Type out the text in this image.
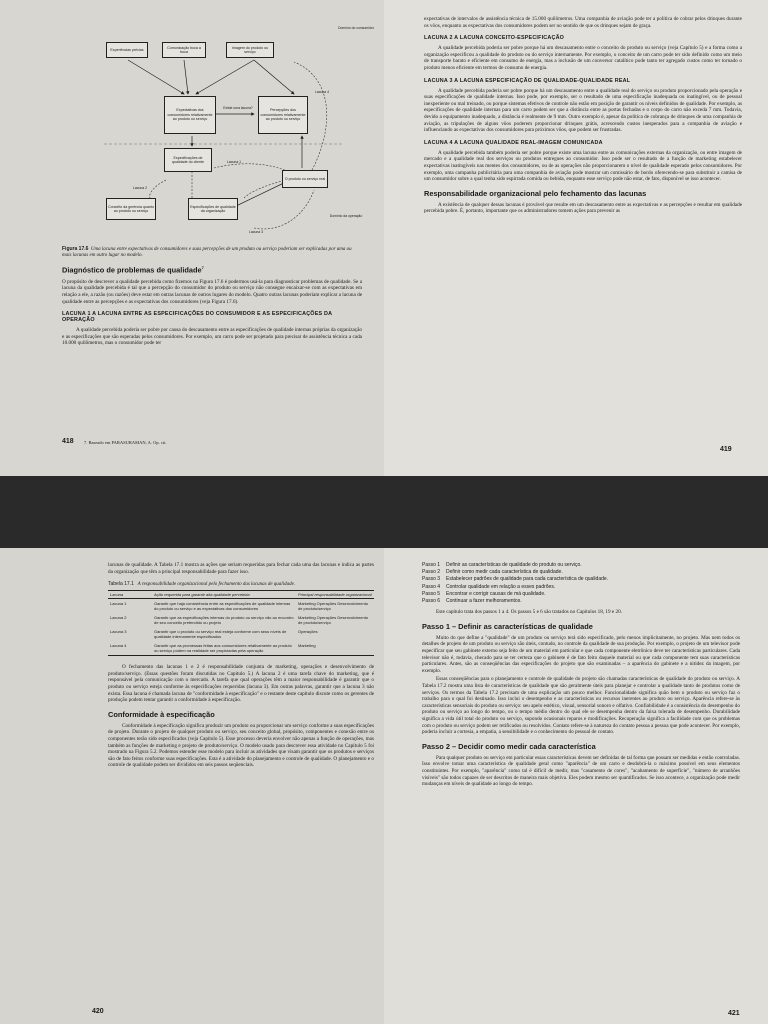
Domínio do consumidor
Domínio da operação
Experiências prévias
Comunicação boca a boca
Imagem do produto ou serviço
Lacuna 4
Expectativas dos consumidores relativamente ao produto ou serviço
Percepções dos consumidores relativamente ao produto ou serviço
Existe uma lacuna?
Especificações de qualidade do cliente	Lacuna 1
O produto ou serviço real
Lacuna 2
Conceito da gerência quanto ao produto ou serviço
Especificações de qualidade da organização
Lacuna 3
Figura 17.6 Uma lacuna entre expectativas de consumidores e suas percepções de um produto ou serviço poderiam ser explicadas por uma ou mais lacunas em outro lugar no modelo.
Diagnóstico de problemas de qualidade$^7$

O propósito de descrever a qualidade percebida como fizemos na Figura 17.6 é podermos usá-la para diagnosticar problemas de qualidade. Se a lacuna da qualidade percebida é tal que a percepção do consumidor do produto ou serviço não consegue encaixar-se com as expectativas em relação a ele, a razão (ou razões) deve estar em outras lacunas de outros lugares do modelo. Quatro outras lacunas poderiam explicar a lacuna de qualidade entre as percepções e as expectativas dos consumidores (veja Figura 17.6).

LACUNA 1 A LACUNA ENTRE AS ESPECIFICAÇÕES DO CONSUMIDOR E AS ESPECIFICAÇÕES DA OPERAÇÃO

A qualidade percebida poderia ser pobre por causa do descasamento entre as especificações de qualidade internas próprias da organização e as especificações que são esperadas pelos consumidores. Por exemplo, um carro pode ser projetado para precisar de assistência técnica a cada 10.000 quilômetros, mas o consumidor pode ter

418 7. Baseado em PARASURAMAN, A. Op. cit.

expectativas de intervalos de assistência técnica de 15.000 quilômetros. Uma companhia de aviação pode ter a política de cobrar pelos drinques durante os vôos, enquanto as expectativas dos consumidores podem ser no sentido de que os drinques sejam de graça.

LACUNA 2 A LACUNA CONCEITO-ESPECIFICAÇÃO

A qualidade percebida poderia ser pobre porque há um descasamento entre o conceito do produto ou serviço (veja Capítulo 5) e a forma como a organização especificou a qualidade do produto ou do serviço internamente. Por exemplo, o conceito de um carro pode ter sido definido como um meio de transporte barato e eficiente em consumo de energia, mas a inclusão de um conversor catalítico pode tanto ter agregado custos como ter tornado o produto menos eficiente em termos de consumo de energia.

LACUNA 3 A LACUNA ESPECIFICAÇÃO DE QUALIDADE-QUALIDADE REAL

A qualidade percebida poderia ser pobre porque há um descasamento entre a qualidade real do serviço ou produto proporcionado pela operação e suas especificações de qualidade internas. Isso pode, por exemplo, ser o resultado de uma especificação inadequada ou inatingível, ou de pessoal inexperiente ou mal treinado, ou porque sistemas efetivos de controle não estão em posição de garantir os níveis definidos de qualidade. Por exemplo, as especificações de qualidade internas para um carro podem ser que a distância entre as portas fechadas e o corpo do carro não exceda 7 mm. Todavia, devido a equipamento inadequado, a distância é realmente de 9 mm. Outro exemplo é, apesar da política de cobrança de drinques de uma companhia de aviação, as tripulações de alguns vôos poderem proporcionar drinques grátis, acrescendo custos inesperados para a companhia de aviação e influenciando as expectativas dos consumidores para próximos vôos, que podem ser frustradas.

LACUNA 4 A LACUNA QUALIDADE REAL-IMAGEM COMUNICADA

A qualidade percebida também poderia ser pobre porque existe uma lacuna entre as comunicações externas da organização, ou entre imagem de mercado e a qualidade real dos serviços ou produtos entregues ao consumidor. Isso pode ser o resultado de a função de marketing estabelecer expectativas inatingíveis nas mentes dos consumidores, ou de as operações não proporcionarem o nível de qualidade esperado pelos consumidores. Por exemplo, uma campanha publicitária para uma companhia de aviação pode mostrar um comissário de bordo oferecendo-se para substituir a camisa de um consumidor sobre a qual tenha sido espirrada comida ou bebida, enquanto esse serviço pode não estar, de fato, disponível se isso acontecer.

Responsabilidade organizacional pelo fechamento das lacunas

A existência de qualquer dessas lacunas é provável que resulte em um descasamento entre as expectativas e as percepções e resultar em qualidade percebida pobre. É, portanto, importante que os administradores tomem ações para prevenir as

419

lacunas de qualidade. A Tabela 17.1 mostra as ações que seriam requeridas para fechar cada uma das lacunas e indica as partes da organização que têm a principal responsabilidade para fazer isso.

Tabela 17.1 A responsabilidade organizacional pelo fechamento das lacunas de qualidade.
Lacuna	Ação requerida para garantir alta qualidade percebida	Principal responsabilidade organizacional
Lacuna 1	Garantir que haja consistência entre as especificações de qualidade internas do produto ou serviço e as expectativas dos consumidores	Marketing Operações Desenvolvimento de produto/serviço
Lacuna 2	Garantir que as especificações internas do produto ou serviço vão ao encontro de seu conceito pretendido ou projeto	Marketing Operações Desenvolvimento de produto/serviço
Lacuna 3	Garantir que o produto ou serviço real esteja conforme com seus níveis de qualidade internamente especificados	Operações
Lacuna 4	Garantir que as promessas feitas aos consumidores relativamente ao produto ou serviço podem na realidade ser propiciadas pela operação	Marketing

O fechamento das lacunas 1 e 2 é responsabilidade conjunta de marketing, operações e desenvolvimento de produto/serviço. (Essas questões foram discutidas no Capítulo 5.) A lacuna 2 é uma tarefa chave do marketing, que é responsável pela comunicação com o mercado. A tarefa que qual operações têm a maior responsabilidade é garantir que o produto ou serviço esteja conforme às especificações requeridas (lacuna 3). Em outras palavras, garantir que a lacuna 3 não exista. Essa lacuna é chamada lacuna de "conformidade à especificação" e o restante deste capítulo discute como os gerentes de produção podem tentar garantir a conformidade à especificação.

Conformidade à especificação

Conformidade à especificação significa produzir um produto ou proporcionar um serviço conforme a suas especificações de projeto. Durante o projeto de qualquer produto ou serviço, seu conceito global, propósito, componentes e conexão entre os componentes terão sido especificados (veja Capítulo 5). Esse processo deveria envolver não apenas a função de operações, mas também as funções de marketing e projeto de produto/serviço. O modelo usado para descrever essa atividade no Capítulo 5 foi mostrado na Figura 5.2. Podemos estender esse modelo para incluir as atividades que visam garantir que os produtos e serviços são de fato feitos conforme suas especificações. Esta é a atividade do planejamento e controle de qualidade. O planejamento e o controle de qualidade podem ser divididos em seis passos seqüenciais.

420
Passo 1 Definir as características de qualidade do produto ou serviço.
Passo 2 Definir como medir cada característica de qualidade.
Passo 3 Estabelecer padrões de qualidade para cada característica de qualidade.
Passo 4 Controlar qualidade em relação a esses padrões.
Passo 5 Encontrar e corrigir causas de má qualidade.
Passo 6 Continuar a fazer melhoramentos.

Este capítulo trata dos passos 1 a 4. Os passos 5 e 6 são tratados no Capítulos 18, 19 e 20.

Passo 1 – Definir as características de qualidade

Muito do que define a "qualidade" de um produto ou serviço terá sido especificado, pelo menos implicitamente, no projeto. Mas nem todos os detalhes de projeto de um produto ou serviço são úteis, contudo, no controle da qualidade de sua produção. Por exemplo, o projeto de um televisor pode especificar que seu gabinete externo seja feito de um material em particular e que cada componente eletrônico deve ter características particulares. Cada televisor não é, todavia, checado para se ter certeza que o gabinete é de fato feito daquele material ou que cada componente tem suas características particulares. Antes, são as conseqüências das especificações do projeto que são examinadas – a aparência do gabinete e a nitidez da imagem, por exemplo.

Essas conseqüências para o planejamento e controle de qualidade do projeto são chamadas características de qualidade do produto ou serviço. A Tabela 17.2 mostra uma lista de características de qualidade que são geralmente úteis para planejar e controlar a qualidade tanto de produtos como de serviços. Os termos da Tabela 17.2 precisam de uma explicação um pouco melhor. Funcionalidade significa quão bem o produto ou serviço faz o trabalho para o qual foi destinado. Isso inclui o desempenho e as características ou recursos inerentes ao produto ou serviço. Aparência refere-se às características sensoriais do produto ou serviço: seu apelo estético, visual, sensorial sonoro e olfativo. Confiabilidade é a consistência do desempenho do produto ou serviço ao longo do tempo, ou o tempo médio dentro do qual ele se desempenha dentro da faixa tolerada de desempenho. Durabilidade significa a vida útil total do produto ou serviço, supondo ocasionais reparos e modificações. Recuperação significa a facilidade com que os problemas com o produto ou serviço podem ser retificados ou resolvidos. Contato refere-se à natureza do contato pessoa a pessoa que pode acontecer. Por exemplo, poderia incluir a cortesia, a empatia, a sensibilidade e o conhecimento do pessoal de contato.

Passo 2 – Decidir como medir cada característica

Para qualquer produto ou serviço em particular essas características devem ser definidas de tal forma que possam ser medidas e então controladas. Isso envolve tomar uma característica de qualidade geral como "aparência" de um carro e desdobrá-la o máximo possível em seus elementos constituintes. Por exemplo, "aparência" como tal é difícil de medir, mas "casamento de cores", "acabamento de superfície", "número de arranhões visíveis" são todos capazes de ser descritos de maneira mais objetiva. Eles podem mesmo ser quantificados. Se isso acontece, a organização pode medir mudanças em níveis de qualidade ao longo do tempo.

421
